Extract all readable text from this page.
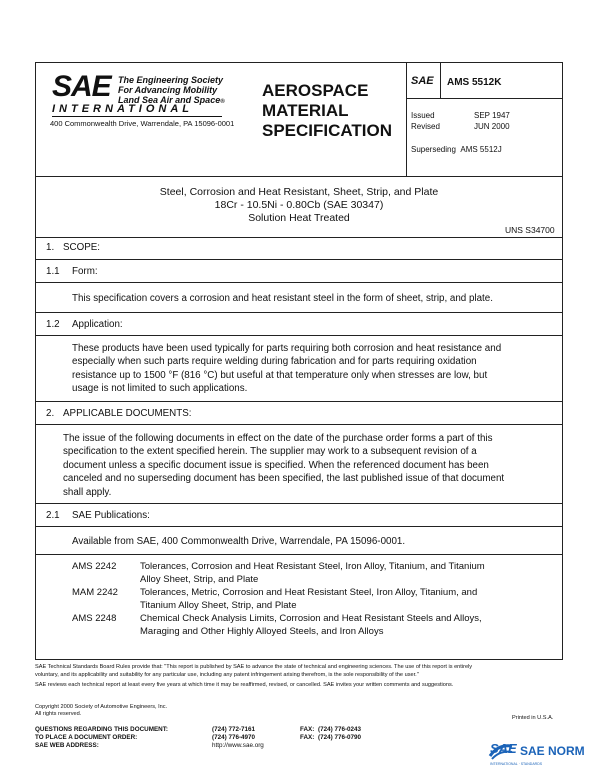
SAE The Engineering Society
For Advancing Mobility
Land Sea Air and Space®
INTERNATIONAL
400 Commonwealth Drive, Warrendale, PA 15096-0001
AEROSPACE
MATERIAL
SPECIFICATION
SAE AMS 5512K
Issued	SEP 1947
Revised	JUN 2000
Superseding AMS 5512J
Steel, Corrosion and Heat Resistant, Sheet, Strip, and Plate
18Cr - 10.5Ni - 0.80Cb (SAE 30347)
Solution Heat Treated
UNS S34700
1. SCOPE:
1.1 Form:
This specification covers a corrosion and heat resistant steel in the form of sheet, strip, and plate.
1.2 Application:
These products have been used typically for parts requiring both corrosion and heat resistance and
especially when such parts require welding during fabrication and for parts requiring oxidation
resistance up to 1500 °F (816 °C) but useful at that temperature only when stresses are low, but
usage is not limited to such applications.
2. APPLICABLE DOCUMENTS:
The issue of the following documents in effect on the date of the purchase order forms a part of this
specification to the extent specified herein. The supplier may work to a subsequent revision of a
document unless a specific document issue is specified. When the referenced document has been
canceled and no superseding document has been specified, the last published issue of that document
shall apply.
2.1 SAE Publications:
Available from SAE, 400 Commonwealth Drive, Warrendale, PA 15096-0001.
AMS 2242 Tolerances, Corrosion and Heat Resistant Steel, Iron Alloy, Titanium, and Titanium
Alloy Sheet, Strip, and Plate
MAM 2242 Tolerances, Metric, Corrosion and Heat Resistant Steel, Iron Alloy, Titanium, and
Titanium Alloy Sheet, Strip, and Plate
AMS 2248 Chemical Check Analysis Limits, Corrosion and Heat Resistant Steels and Alloys,
Maraging and Other Highly Alloyed Steels, and Iron Alloys
SAE Technical Standards Board Rules provide that: "This report is published by SAE to advance the state of technical and engineering sciences. The use of this report is entirely
voluntary, and its applicability and suitability for any particular use, including any patent infringement arising therefrom, is the sole responsibility of the user."
SAE reviews each technical report at least every five years at which time it may be reaffirmed, revised, or cancelled. SAE invites your written comments and suggestions.
Copyright 2000 Society of Automotive Engineers, Inc.
All rights reserved.
Printed in U.S.A.
QUESTIONS REGARDING THIS DOCUMENT:	(724) 772-7161	FAX: (724) 776-0243
TO PLACE A DOCUMENT ORDER:	(724) 776-4970	FAX: (724) 776-0790
SAE WEB ADDRESS:	http://www.sae.org	SAE SAE NORM
INTERNATIONAL · STANDARDS
